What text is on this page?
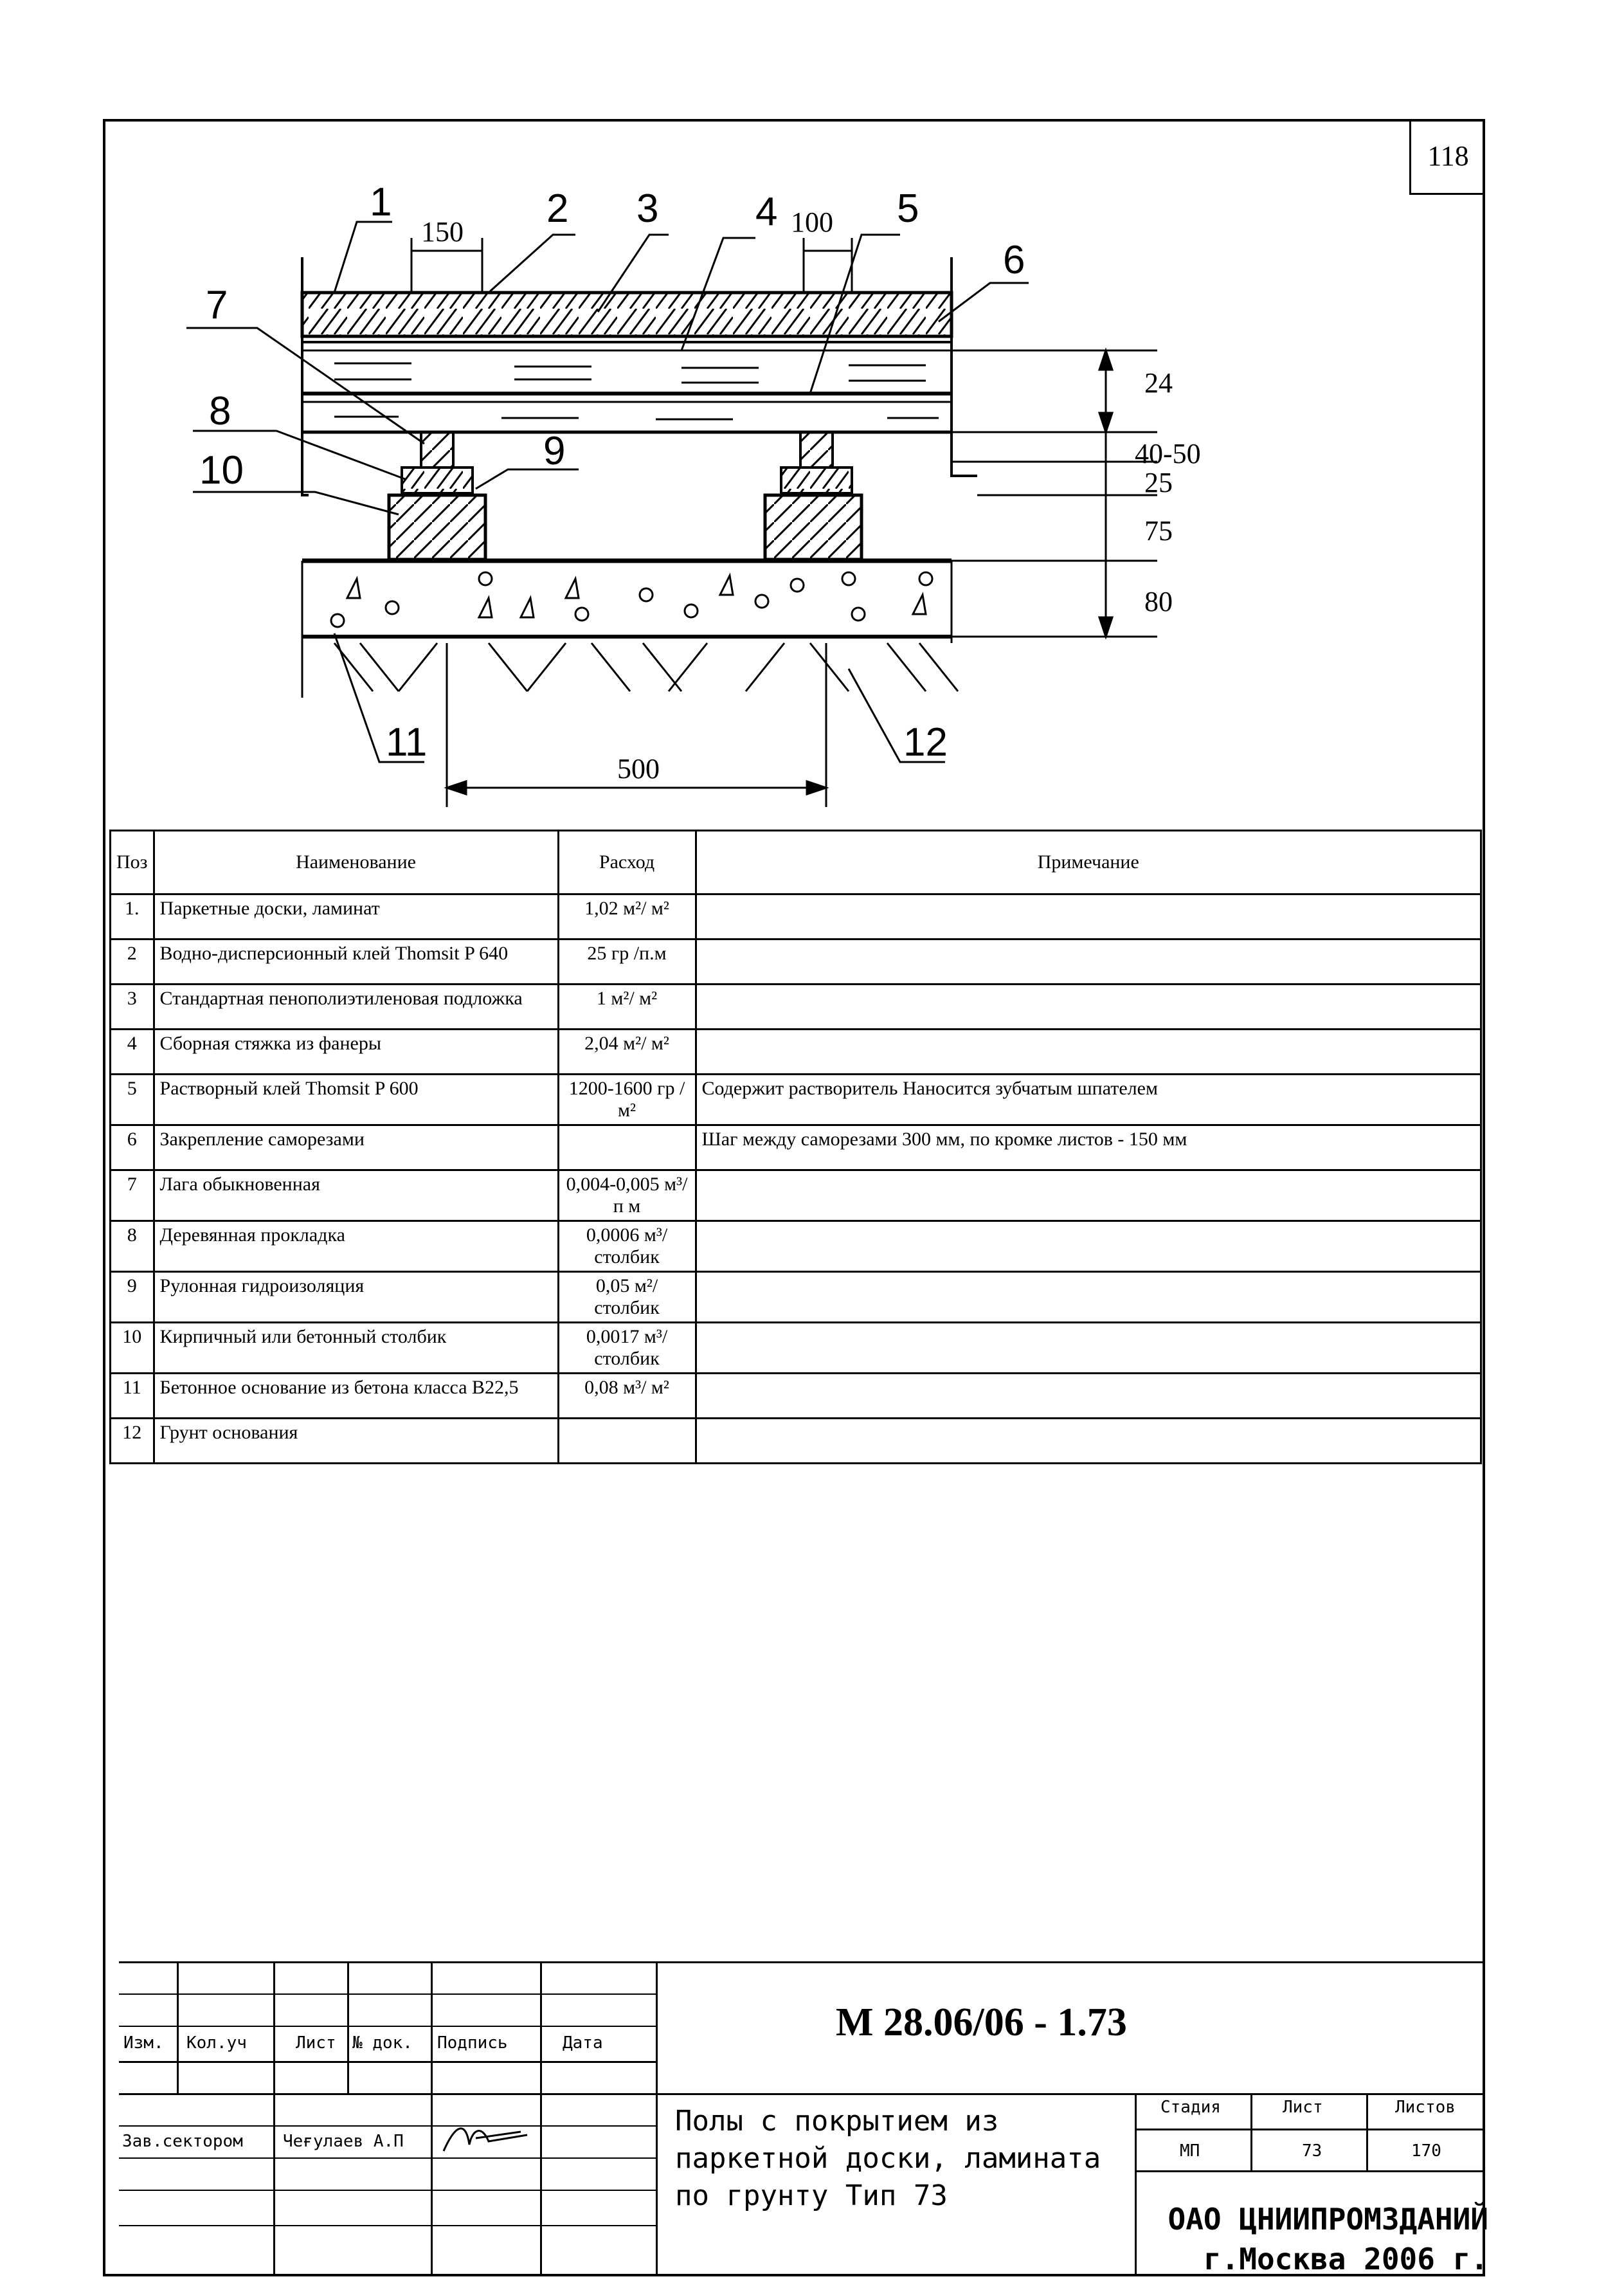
118
1	2 3 4	5
6
7
8
9
10
11	12
150	100
24
40-50
25
75
80
500
Поз	Наименование	Расход	Примечание
1.	Паркетные доски, ламинат	1,02 м²/ м²	
2	Водно-дисперсионный клей Thomsit P 640	25 гр /п.м	
3	Стандартная пенополиэтиленовая подложка	1 м²/ м²	
4	Сборная стяжка из фанеры	2,04 м²/ м²	
5	Растворный клей Thomsit P 600	1200-1600 гр / м²	Содержит растворитель Наносится зубчатым шпателем
6	Закрепление саморезами		Шаг между саморезами 300 мм, по кромке листов - 150 мм
7	Лага обыкновенная	0,004-0,005 м³/ п м	
8	Деревянная прокладка	0,0006 м³/ столбик	
9	Рулонная гидроизоляция	0,05 м²/ столбик	
10	Кирпичный или бетонный столбик	0,0017 м³/ столбик	
11	Бетонное основание из бетона класса В22,5	0,08 м³/ м²	
12	Грунт основания		
Изм. Кол.уч	Лист № док. Подпись	Дата
Зав.сектором Чеғулаев А.П
М 28.06/06 - 1.73
Полы с покрытием из паркетной доски, ламината по грунту Тип 73
Стадия	Лист	Листов
МП	73	170
ОАО ЦНИИПРОМЗДАНИЙ
г.Москва 2006 г.
